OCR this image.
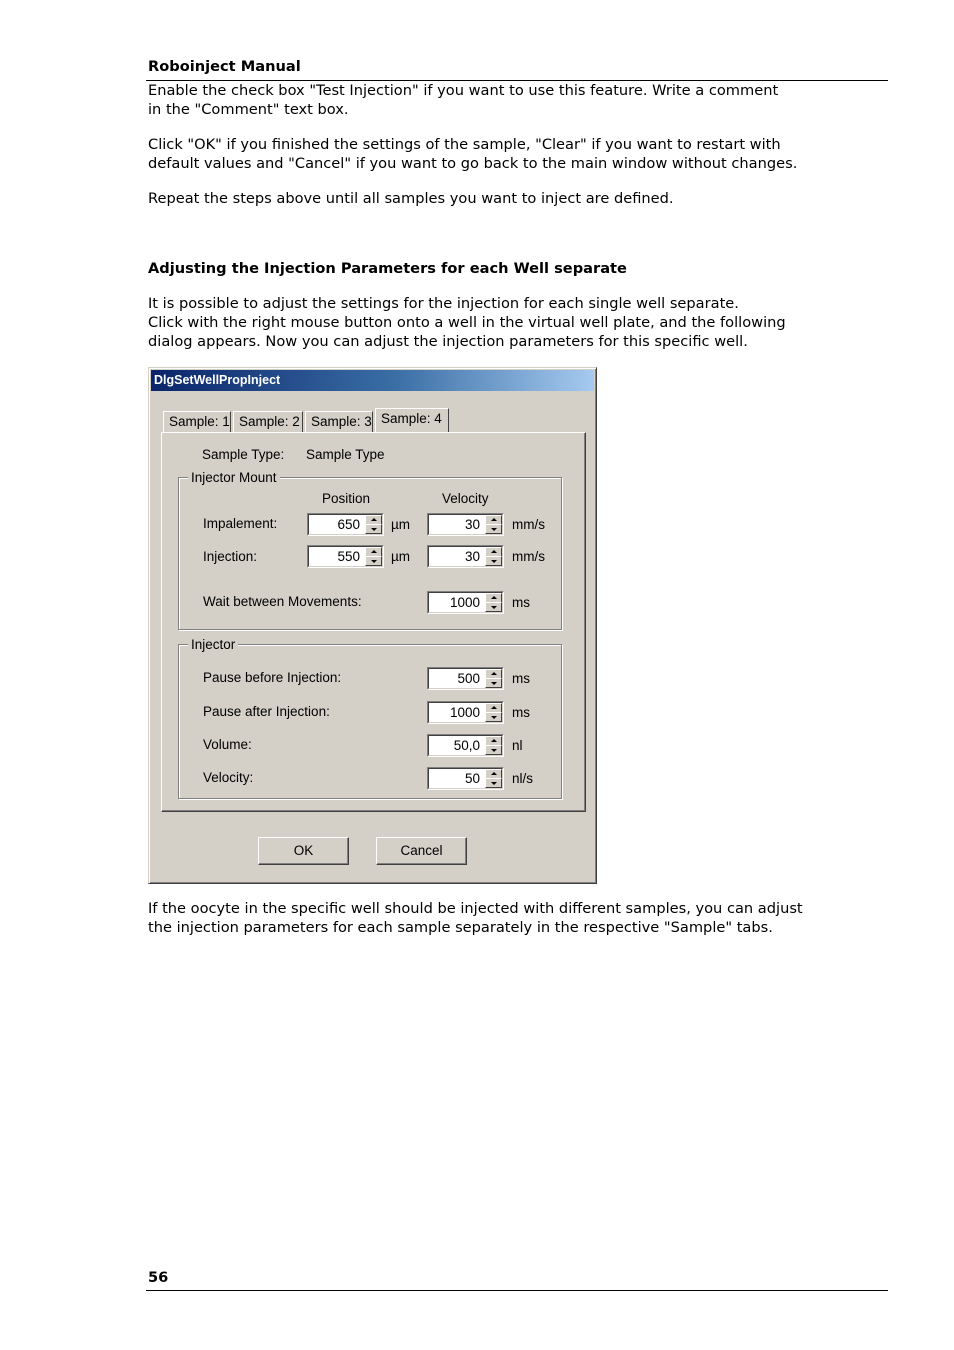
Roboinject Manual
Enable the check box "Test Injection" if you want to use this feature. Write a comment
in the "Comment" text box.
Click "OK" if you finished the settings of the sample, "Clear" if you want to restart with
default values and "Cancel" if you want to go back to the main window without changes.
Repeat the steps above until all samples you want to inject are defined.
Adjusting the Injection Parameters for each Well separate
It is possible to adjust the settings for the injection for each single well separate.
Click with the right mouse button onto a well in the virtual well plate, and the following
dialog appears. Now you can adjust the injection parameters for this specific well.
DlgSetWellPropInject
Sample: 1 Sample: 2 Sample: 3 Sample: 4
Sample Type: Sample Type
Injector Mount
Position	Velocity
Impalement:	650 µm	30 mm/s
Injection:	550 µm	30 mm/s
Wait between Movements:	1000 ms
Injector
Pause before Injection:	500 ms
Pause after Injection:	1000 ms
Volume:	50,0 nl
Velocity:	50 nl/s
OK	Cancel
If the oocyte in the specific well should be injected with different samples, you can adjust
the injection parameters for each sample separately in the respective "Sample" tabs.
56
